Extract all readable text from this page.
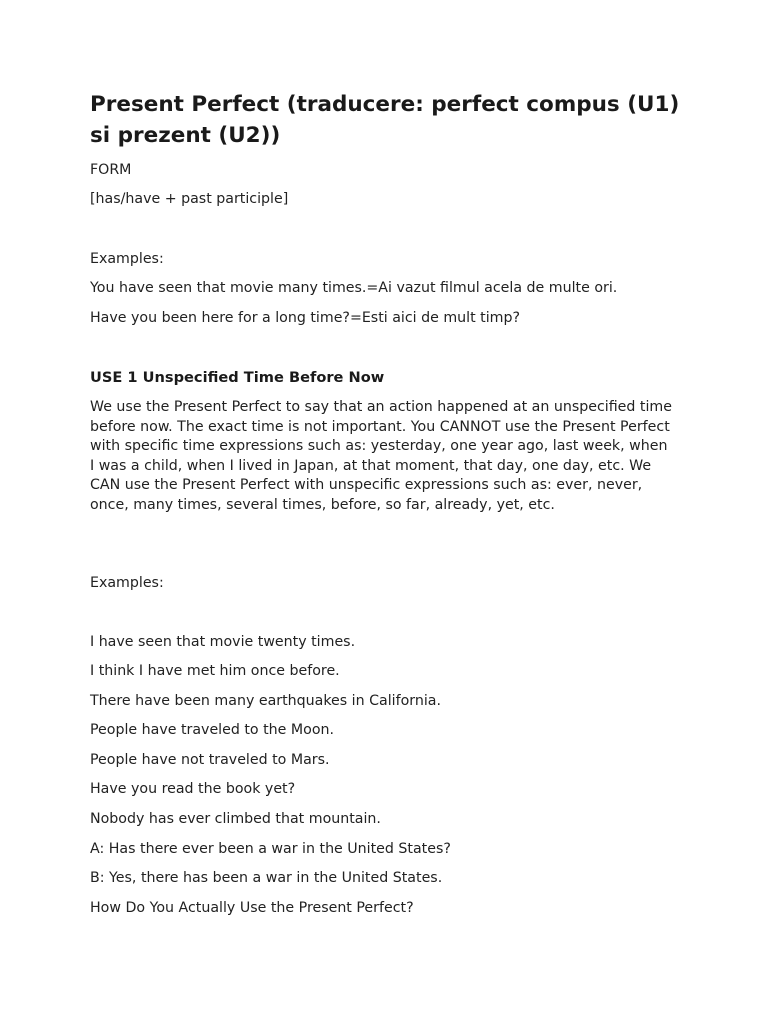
Present Perfect (traducere: perfect compus (U1) si prezent (U2))
FORM
[has/have + past participle]
Examples:
You have seen that movie many times.=Ai vazut filmul acela de multe ori.
Have you been here for a long time?=Esti aici de mult timp?
USE 1 Unspecified Time Before Now
We use the Present Perfect to say that an action happened at an unspecified time before now. The exact time is not important. You CANNOT use the Present Perfect with specific time expressions such as: yesterday, one year ago, last week, when I was a child, when I lived in Japan, at that moment, that day, one day, etc. We CAN use the Present Perfect with unspecific expressions such as: ever, never, once, many times, several times, before, so far, already, yet, etc.
Examples:
I have seen that movie twenty times.
I think I have met him once before.
There have been many earthquakes in California.
People have traveled to the Moon.
People have not traveled to Mars.
Have you read the book yet?
Nobody has ever climbed that mountain.
A: Has there ever been a war in the United States?
B: Yes, there has been a war in the United States.
How Do You Actually Use the Present Perfect?
